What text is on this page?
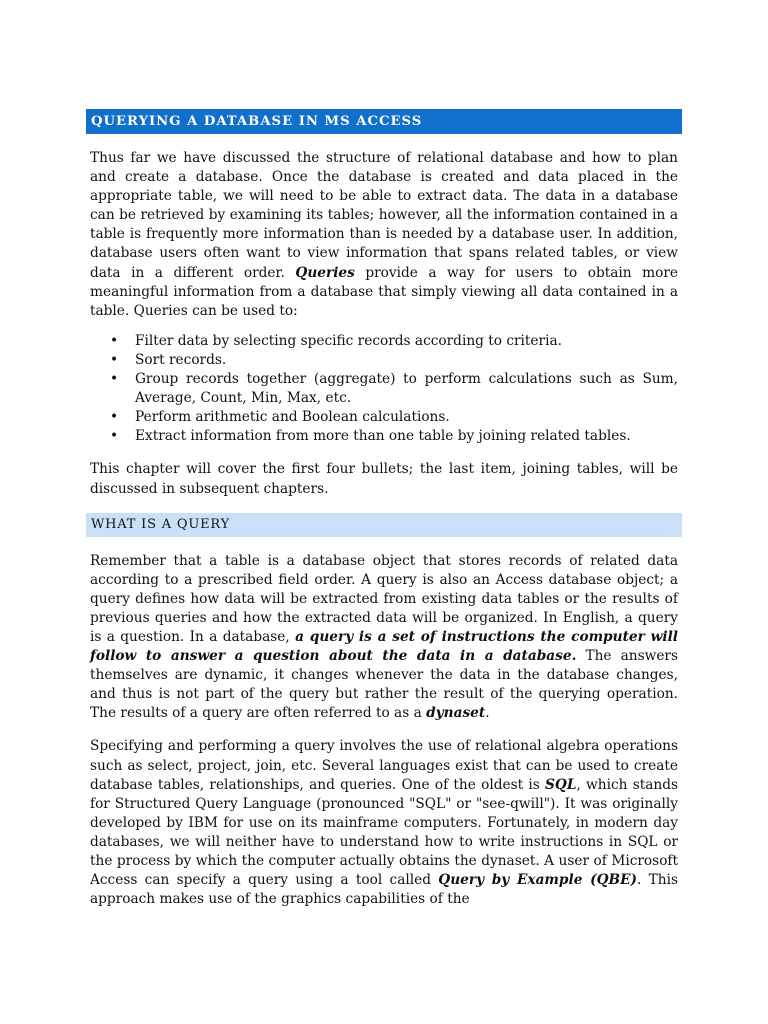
QUERYING A DATABASE IN MS ACCESS

Thus far we have discussed the structure of relational database and how to plan and create a database. Once the database is created and data placed in the appropriate table, we will need to be able to extract data. The data in a database can be retrieved by examining its tables; however, all the information contained in a table is frequently more information than is needed by a database user. In addition, database users often want to view information that spans related tables, or view data in a different order. Queries provide a way for users to obtain more meaningful information from a database that simply viewing all data contained in a table. Queries can be used to:

• Filter data by selecting specific records according to criteria.
• Sort records.
• Group records together (aggregate) to perform calculations such as Sum, Average, Count, Min, Max, etc.
• Perform arithmetic and Boolean calculations.
• Extract information from more than one table by joining related tables.

This chapter will cover the first four bullets; the last item, joining tables, will be discussed in subsequent chapters.

WHAT IS A QUERY

Remember that a table is a database object that stores records of related data according to a prescribed field order. A query is also an Access database object; a query defines how data will be extracted from existing data tables or the results of previous queries and how the extracted data will be organized. In English, a query is a question. In a database, a query is a set of instructions the computer will follow to answer a question about the data in a database. The answers themselves are dynamic, it changes whenever the data in the database changes, and thus is not part of the query but rather the result of the querying operation. The results of a query are often referred to as a dynaset.

Specifying and performing a query involves the use of relational algebra operations such as select, project, join, etc. Several languages exist that can be used to create database tables, relationships, and queries. One of the oldest is SQL, which stands for Structured Query Language (pronounced "SQL" or "see-qwill"). It was originally developed by IBM for use on its mainframe computers. Fortunately, in modern day databases, we will neither have to understand how to write instructions in SQL or the process by which the computer actually obtains the dynaset. A user of Microsoft Access can specify a query using a tool called Query by Example (QBE). This approach makes use of the graphics capabilities of the
